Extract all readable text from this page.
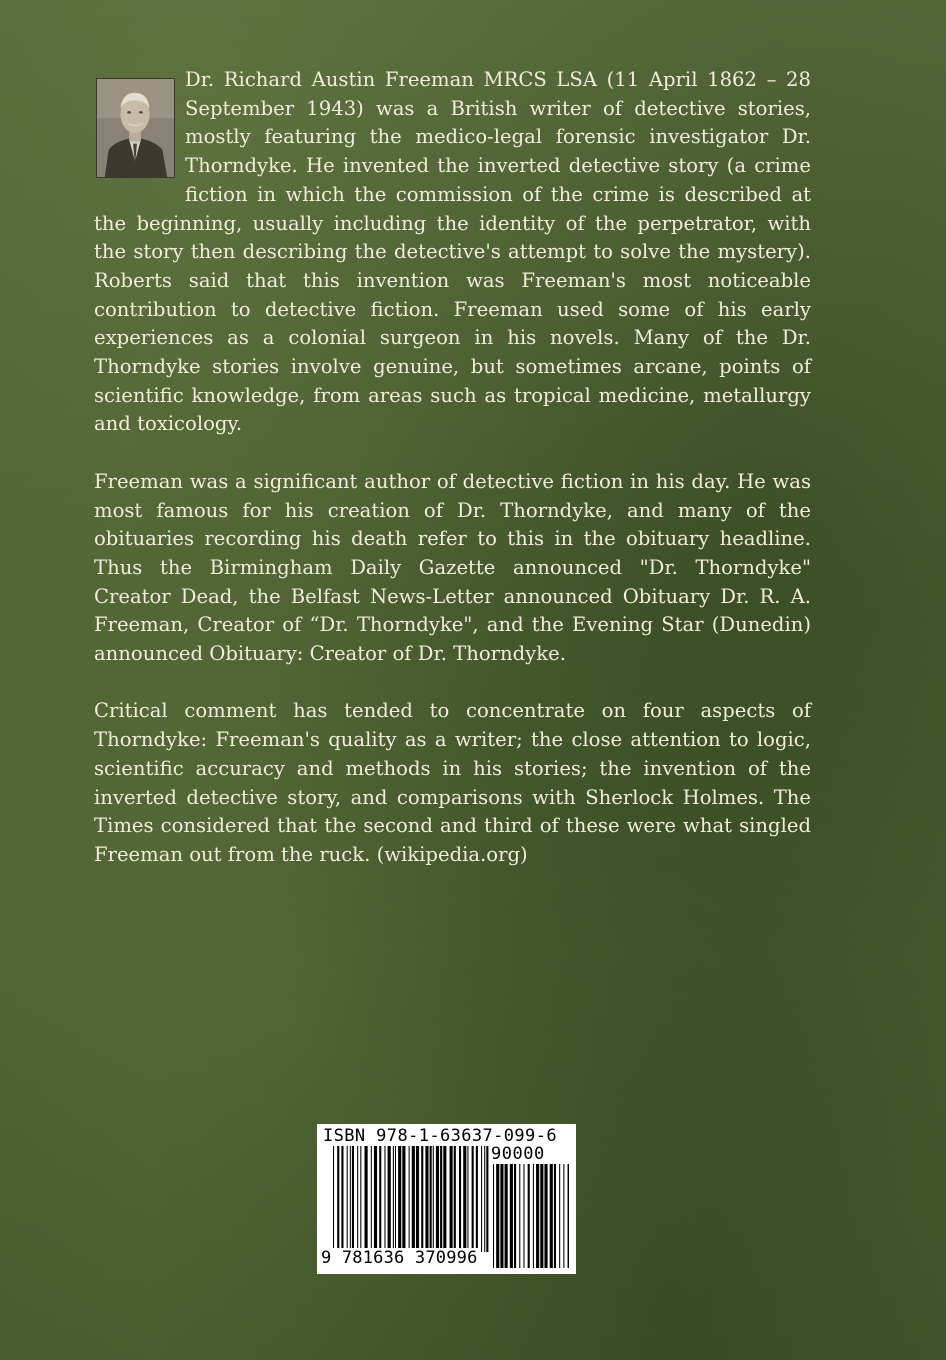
Dr. Richard Austin Freeman MRCS LSA (11 April 1862 – 28 September 1943) was a British writer of detective stories, mostly featuring the medico-legal forensic investigator Dr. Thorndyke. He invented the inverted detective story (a crime fiction in which the commission of the crime is described at the beginning, usually including the identity of the perpetrator, with the story then describing the detective's attempt to solve the mystery). Roberts said that this invention was Freeman's most noticeable contribution to detective fiction. Freeman used some of his early experiences as a colonial surgeon in his novels. Many of the Dr. Thorndyke stories involve genuine, but sometimes arcane, points of scientific knowledge, from areas such as tropical medicine, metallurgy and toxicology.

Freeman was a significant author of detective fiction in his day. He was most famous for his creation of Dr. Thorndyke, and many of the obituaries recording his death refer to this in the obituary headline. Thus the Birmingham Daily Gazette announced "Dr. Thorndyke" Creator Dead, the Belfast News-Letter announced Obituary Dr. R. A. Freeman, Creator of “Dr. Thorndyke", and the Evening Star (Dunedin) announced Obituary: Creator of Dr. Thorndyke.

Critical comment has tended to concentrate on four aspects of Thorndyke: Freeman's quality as a writer; the close attention to logic, scientific accuracy and methods in his stories; the invention of the inverted detective story, and comparisons with Sherlock Holmes. The Times considered that the second and third of these were what singled Freeman out from the ruck. (wikipedia.org)

ISBN 978-1-63637-099-6
90000
9 781636 370996
